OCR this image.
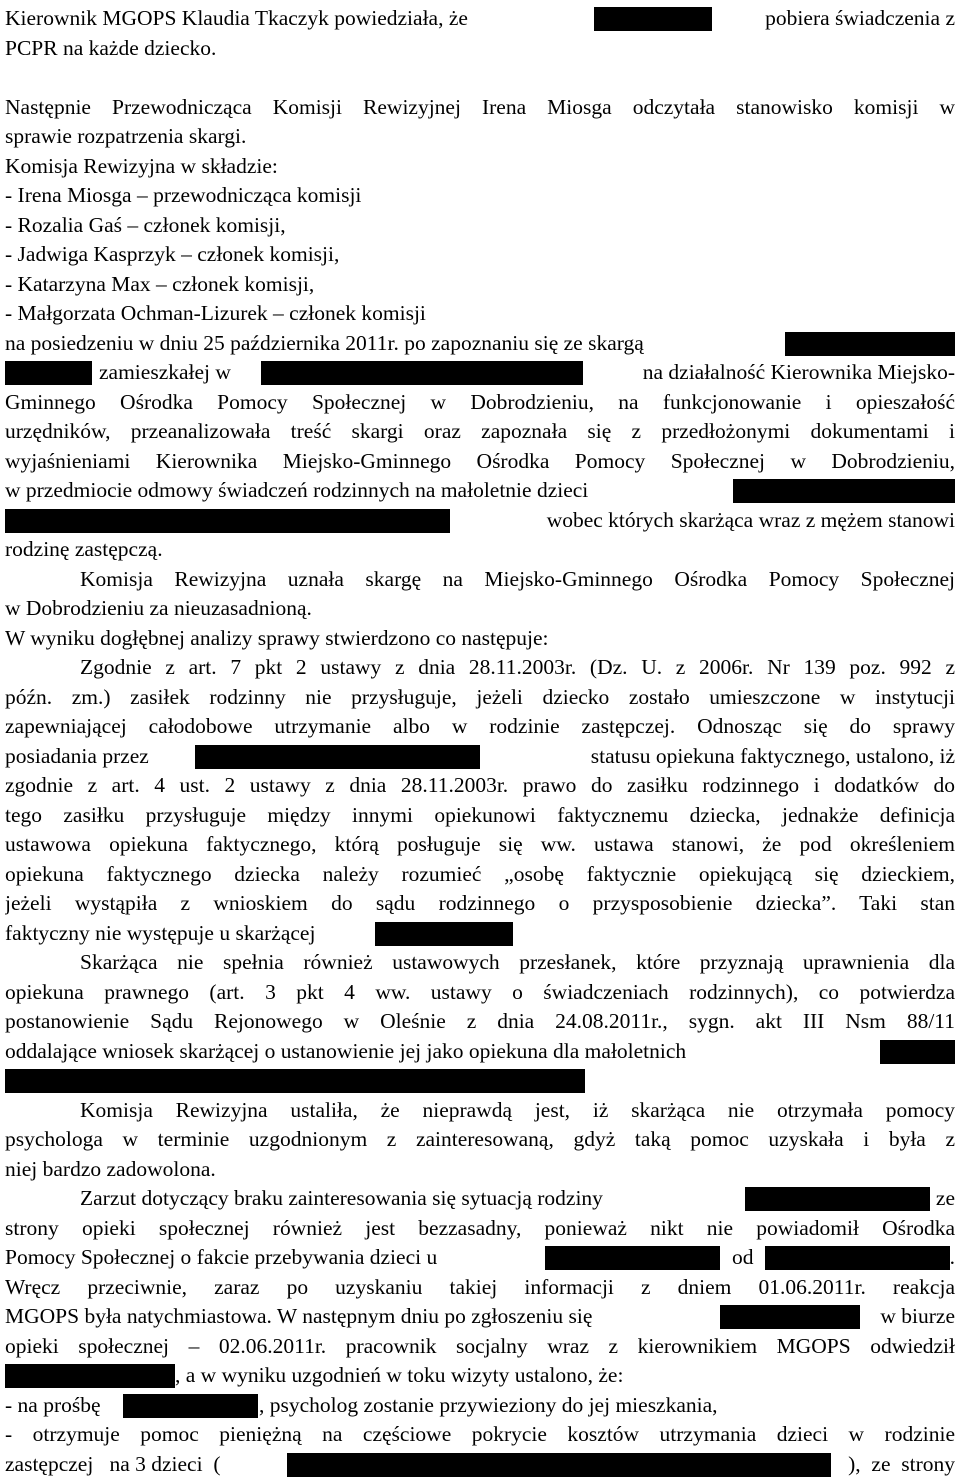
Kierownik MGOPS Klaudia Tkaczyk powiedziała, że	pobiera świadczenia z
PCPR na każde dziecko.
Następnie Przewodnicząca Komisji Rewizyjnej Irena Miosga odczytała stanowisko komisji w
sprawie rozpatrzenia skargi.
Komisja Rewizyjna w składzie:
- Irena Miosga – przewodnicząca komisji
- Rozalia Gaś – członek komisji,
- Jadwiga Kasprzyk – członek komisji,
- Katarzyna Max – członek komisji,
- Małgorzata Ochman-Lizurek – członek komisji
na posiedzeniu w dniu 25 października 2011r. po zapoznaniu się ze skargą
zamieszkałej w	na działalność Kierownika Miejsko-
Gminnego Ośrodka Pomocy Społecznej w Dobrodzieniu, na funkcjonowanie i opieszałość
urzędników, przeanalizowała treść skargi oraz zapoznała się z przedłożonymi dokumentami i
wyjaśnieniami Kierownika Miejsko-Gminnego Ośrodka Pomocy Społecznej w Dobrodzieniu,
w przedmiocie odmowy świadczeń rodzinnych na małoletnie dzieci
wobec których skarżąca wraz z mężem stanowi
rodzinę zastępczą.
Komisja Rewizyjna uznała skargę na Miejsko-Gminnego Ośrodka Pomocy Społecznej
w Dobrodzieniu za nieuzasadnioną.
W wyniku dogłębnej analizy sprawy stwierdzono co następuje:
Zgodnie z art. 7 pkt 2 ustawy z dnia 28.11.2003r. (Dz. U. z 2006r. Nr 139 poz. 992 z
późn. zm.) zasiłek rodzinny nie przysługuje, jeżeli dziecko zostało umieszczone w instytucji
zapewniającej całodobowe utrzymanie albo w rodzinie zastępczej. Odnosząc się do sprawy
posiadania przez	statusu opiekuna faktycznego, ustalono, iż
zgodnie z art. 4 ust. 2 ustawy z dnia 28.11.2003r. prawo do zasiłku rodzinnego i dodatków do
tego zasiłku przysługuje między innymi opiekunowi faktycznemu dziecka, jednakże definicja
ustawowa opiekuna faktycznego, którą posługuje się ww. ustawa stanowi, że pod określeniem
opiekuna faktycznego dziecka należy rozumieć „osobę faktycznie opiekującą się dzieckiem,
jeżeli wystąpiła z wnioskiem do sądu rodzinnego o przysposobienie dziecka”. Taki stan
faktyczny nie występuje u skarżącej
Skarżąca nie spełnia również ustawowych przesłanek, które przyznają uprawnienia dla
opiekuna prawnego (art. 3 pkt 4 ww. ustawy o świadczeniach rodzinnych), co potwierdza
postanowienie Sądu Rejonowego w Oleśnie z dnia 24.08.2011r., sygn. akt III Nsm 88/11
oddalające wniosek skarżącej o ustanowienie jej jako opiekuna dla małoletnich
Komisja Rewizyjna ustaliła, że nieprawdą jest, iż skarżąca nie otrzymała pomocy
psychologa w terminie uzgodnionym z zainteresowaną, gdyż taką pomoc uzyskała i była z
niej bardzo zadowolona.
Zarzut dotyczący braku zainteresowania się sytuacją rodziny	ze
strony opieki społecznej również jest bezzasadny, ponieważ nikt nie powiadomił Ośrodka
Pomocy Społecznej o fakcie przebywania dzieci u	od	.
Wręcz przeciwnie, zaraz po uzyskaniu takiej informacji z dniem 01.06.2011r. reakcja
MGOPS była natychmiastowa. W następnym dniu po zgłoszeniu się	w biurze
opieki społecznej – 02.06.2011r. pracownik socjalny wraz z kierownikiem MGOPS odwiedził
, a w wyniku uzgodnień w toku wizyty ustalono, że:
- na prośbę	, psycholog zostanie przywieziony do jej mieszkania,
- otrzymuje pomoc pieniężną na częściowe pokrycie kosztów utrzymania dzieci w rodzinie
zastępczej   na 3 dzieci  (	),  ze  strony
